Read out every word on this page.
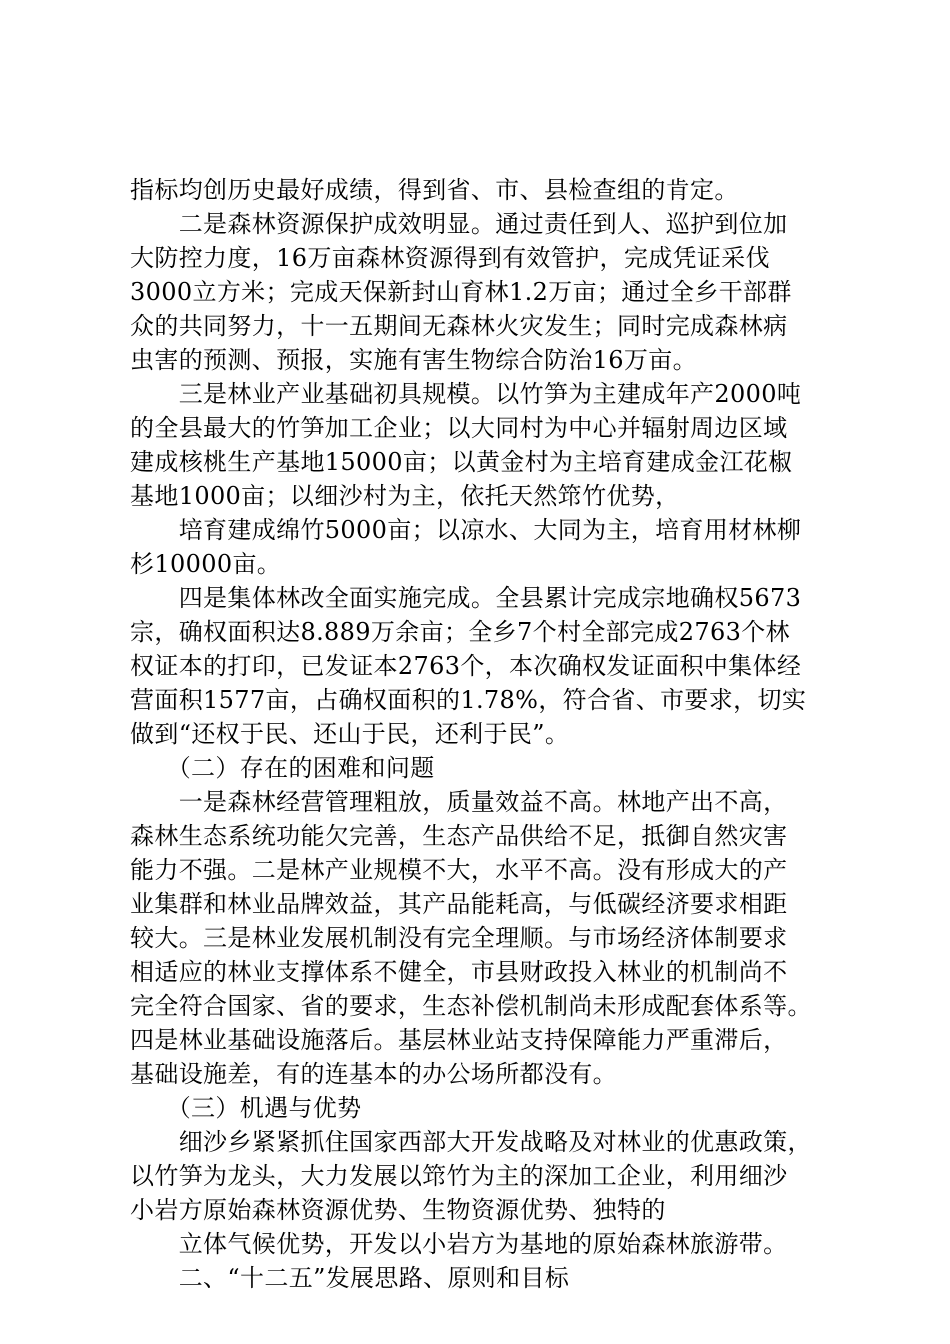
指标均创历史最好成绩，得到省、市、县检查组的肯定。
　　二是森林资源保护成效明显。通过责任到人、巡护到位加
大防控力度，16万亩森林资源得到有效管护，完成凭证采伐
3000立方米；完成天保新封山育林1.2万亩；通过全乡干部群
众的共同努力，十一五期间无森林火灾发生；同时完成森林病
虫害的预测、预报，实施有害生物综合防治16万亩。
　　三是林业产业基础初具规模。以竹笋为主建成年产2000吨
的全县最大的竹笋加工企业；以大同村为中心并辐射周边区域
建成核桃生产基地15000亩；以黄金村为主培育建成金江花椒
基地1000亩；以细沙村为主，依托天然筇竹优势，
　　培育建成绵竹5000亩；以凉水、大同为主，培育用材林柳
杉10000亩。
　　四是集体林改全面实施完成。全县累计完成宗地确权5673
宗，确权面积达8.889万余亩；全乡7个村全部完成2763个林
权证本的打印，已发证本2763个，本次确权发证面积中集体经
营面积1577亩，占确权面积的1.78%，符合省、市要求，切实
做到“还权于民、还山于民，还利于民”。
　　（二）存在的困难和问题
　　一是森林经营管理粗放，质量效益不高。林地产出不高，
森林生态系统功能欠完善，生态产品供给不足，抵御自然灾害
能力不强。二是林产业规模不大，水平不高。没有形成大的产
业集群和林业品牌效益，其产品能耗高，与低碳经济要求相距
较大。三是林业发展机制没有完全理顺。与市场经济体制要求
相适应的林业支撑体系不健全，市县财政投入林业的机制尚不
完全符合国家、省的要求，生态补偿机制尚未形成配套体系等。
四是林业基础设施落后。基层林业站支持保障能力严重滞后，
基础设施差，有的连基本的办公场所都没有。
　　（三）机遇与优势
　　细沙乡紧紧抓住国家西部大开发战略及对林业的优惠政策，
以竹笋为龙头，大力发展以筇竹为主的深加工企业，利用细沙
小岩方原始森林资源优势、生物资源优势、独特的
　　立体气候优势，开发以小岩方为基地的原始森林旅游带。
　　二、“十二五”发展思路、原则和目标
